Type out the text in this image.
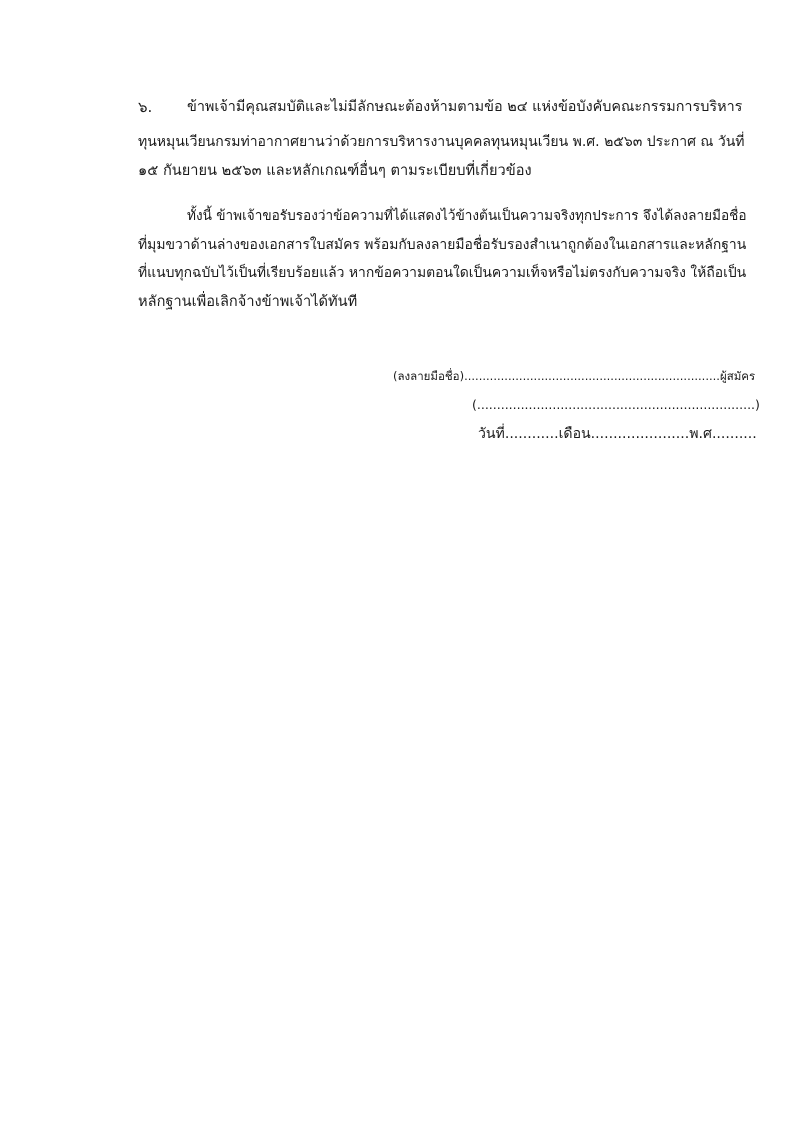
๖. ข้าพเจ้ามีคุณสมบัติและไม่มีลักษณะต้องห้ามตามข้อ ๒๔ แห่งข้อบังคับคณะกรรมการบริหาร
ทุนหมุนเวียนกรมท่าอากาศยานว่าด้วยการบริหารงานบุคคลทุนหมุนเวียน พ.ศ. ๒๕๖๓ ประกาศ ณ วันที่
๑๕ กันยายน ๒๕๖๓ และหลักเกณฑ์อื่นๆ ตามระเบียบที่เกี่ยวข้อง
ทั้งนี้ ข้าพเจ้าขอรับรองว่าข้อความที่ได้แสดงไว้ข้างต้นเป็นความจริงทุกประการ จึงได้ลงลายมือชื่อ
ที่มุมขวาด้านล่างของเอกสารใบสมัคร พร้อมกับลงลายมือชื่อรับรองสำเนาถูกต้องในเอกสารและหลักฐาน
ที่แนบทุกฉบับไว้เป็นที่เรียบร้อยแล้ว หากข้อความตอนใดเป็นความเท็จหรือไม่ตรงกับความจริง ให้ถือเป็น
หลักฐานเพื่อเลิกจ้างข้าพเจ้าได้ทันที
(ลงลายมือชื่อ)......................................................................ผู้สมัคร
(......................................................................)
วันที่............เดือน......................พ.ศ..........
